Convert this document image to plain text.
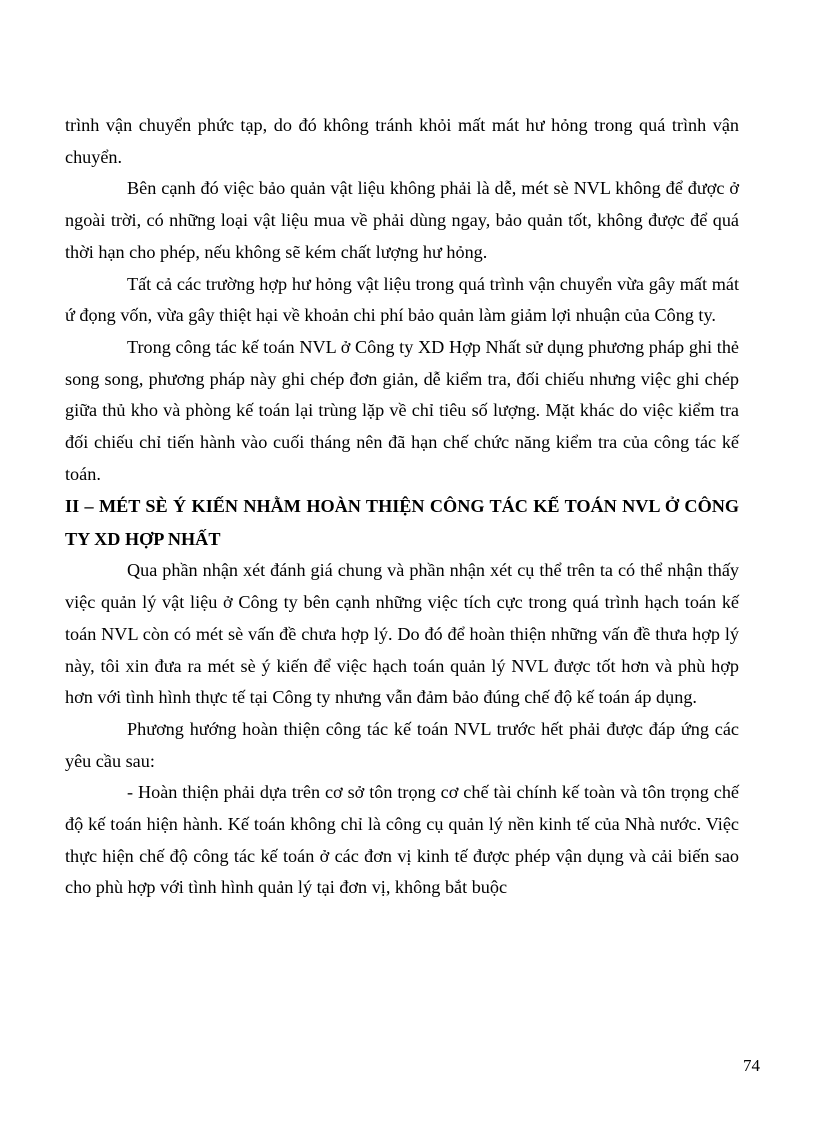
trình vận chuyển phức tạp, do đó không tránh khỏi mất mát hư hỏng trong quá trình vận chuyển.

Bên cạnh đó việc bảo quản vật liệu không phải là dễ, mét sè NVL không để được ở ngoài trời, có những loại vật liệu mua về phải dùng ngay, bảo quản tốt, không được để quá thời hạn cho phép, nếu không sẽ kém chất lượng hư hỏng.

Tất cả các trường hợp hư hỏng vật liệu trong quá trình vận chuyển vừa gây mất mát ứ đọng vốn, vừa gây thiệt hại về khoản chi phí bảo quản làm giảm lợi nhuận của Công ty.

Trong công tác kế toán NVL ở Công ty XD Hợp Nhất sử dụng phương pháp ghi thẻ song song, phương pháp này ghi chép đơn giản, dễ kiểm tra, đối chiếu nhưng việc ghi chép giữa thủ kho và phòng kế toán lại trùng lặp về chỉ tiêu số lượng. Mặt khác do việc kiểm tra đối chiếu chỉ tiến hành vào cuối tháng nên đã hạn chế chức năng kiểm tra của công tác kế toán.

II – MÉT SÈ Ý KIẾN NHẰM HOÀN THIỆN CÔNG TÁC KẾ TOÁN NVL Ở CÔNG TY XD HỢP NHẤT

Qua phần nhận xét đánh giá chung và phần nhận xét cụ thể trên ta có thể nhận thấy việc quản lý vật liệu ở Công ty bên cạnh những việc tích cực trong quá trình hạch toán kế toán NVL còn có mét sè vấn đề chưa hợp lý. Do đó để hoàn thiện những vấn đề thưa hợp lý này, tôi xin đưa ra mét sè ý kiến để việc hạch toán quản lý NVL được tốt hơn và phù hợp hơn với tình hình thực tế tại Công ty nhưng vẫn đảm bảo đúng chế độ kế toán áp dụng.

Phương hướng hoàn thiện công tác kế toán NVL trước hết phải được đáp ứng các yêu cầu sau:

- Hoàn thiện phải dựa trên cơ sở tôn trọng cơ chế tài chính kế toàn và tôn trọng chế độ kế toán hiện hành. Kế toán không chỉ là công cụ quản lý nền kinh tế của Nhà nước. Việc thực hiện chế độ công tác kế toán ở các đơn vị kinh tế được phép vận dụng và cải biến sao cho phù hợp với tình hình quản lý tại đơn vị, không bắt buộc

74
